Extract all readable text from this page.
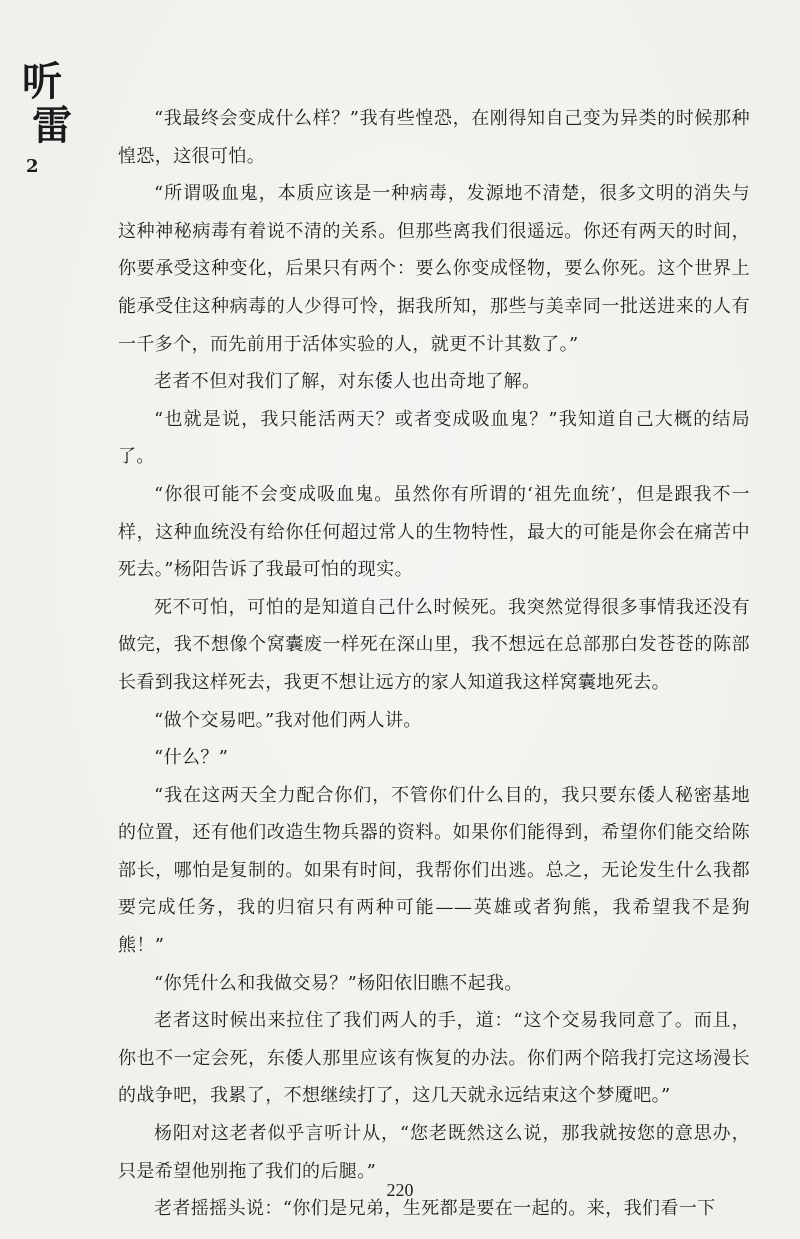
听
雷
2

“我最终会变成什么样？”我有些惶恐，在刚得知自己变为异类的时候那种惶恐，这很可怕。

“所谓吸血鬼，本质应该是一种病毒，发源地不清楚，很多文明的消失与这种神秘病毒有着说不清的关系。但那些离我们很遥远。你还有两天的时间，你要承受这种变化，后果只有两个：要么你变成怪物，要么你死。这个世界上能承受住这种病毒的人少得可怜，据我所知，那些与美幸同一批送进来的人有一千多个，而先前用于活体实验的人，就更不计其数了。”

老者不但对我们了解，对东倭人也出奇地了解。

“也就是说，我只能活两天？或者变成吸血鬼？”我知道自己大概的结局了。

“你很可能不会变成吸血鬼。虽然你有所谓的‘祖先血统’，但是跟我不一样，这种血统没有给你任何超过常人的生物特性，最大的可能是你会在痛苦中死去。”杨阳告诉了我最可怕的现实。

死不可怕，可怕的是知道自己什么时候死。我突然觉得很多事情我还没有做完，我不想像个窝囊废一样死在深山里，我不想远在总部那白发苍苍的陈部长看到我这样死去，我更不想让远方的家人知道我这样窝囊地死去。

“做个交易吧。”我对他们两人讲。

“什么？”

“我在这两天全力配合你们，不管你们什么目的，我只要东倭人秘密基地的位置，还有他们改造生物兵器的资料。如果你们能得到，希望你们能交给陈部长，哪怕是复制的。如果有时间，我帮你们出逃。总之，无论发生什么我都要完成任务，我的归宿只有两种可能——英雄或者狗熊，我希望我不是狗熊！”

“你凭什么和我做交易？”杨阳依旧瞧不起我。

老者这时候出来拉住了我们两人的手，道：“这个交易我同意了。而且，你也不一定会死，东倭人那里应该有恢复的办法。你们两个陪我打完这场漫长的战争吧，我累了，不想继续打了，这几天就永远结束这个梦魇吧。”

杨阳对这老者似乎言听计从，“您老既然这么说，那我就按您的意思办，只是希望他别拖了我们的后腿。”

老者摇摇头说：“你们是兄弟，生死都是要在一起的。来，我们看一下

220
